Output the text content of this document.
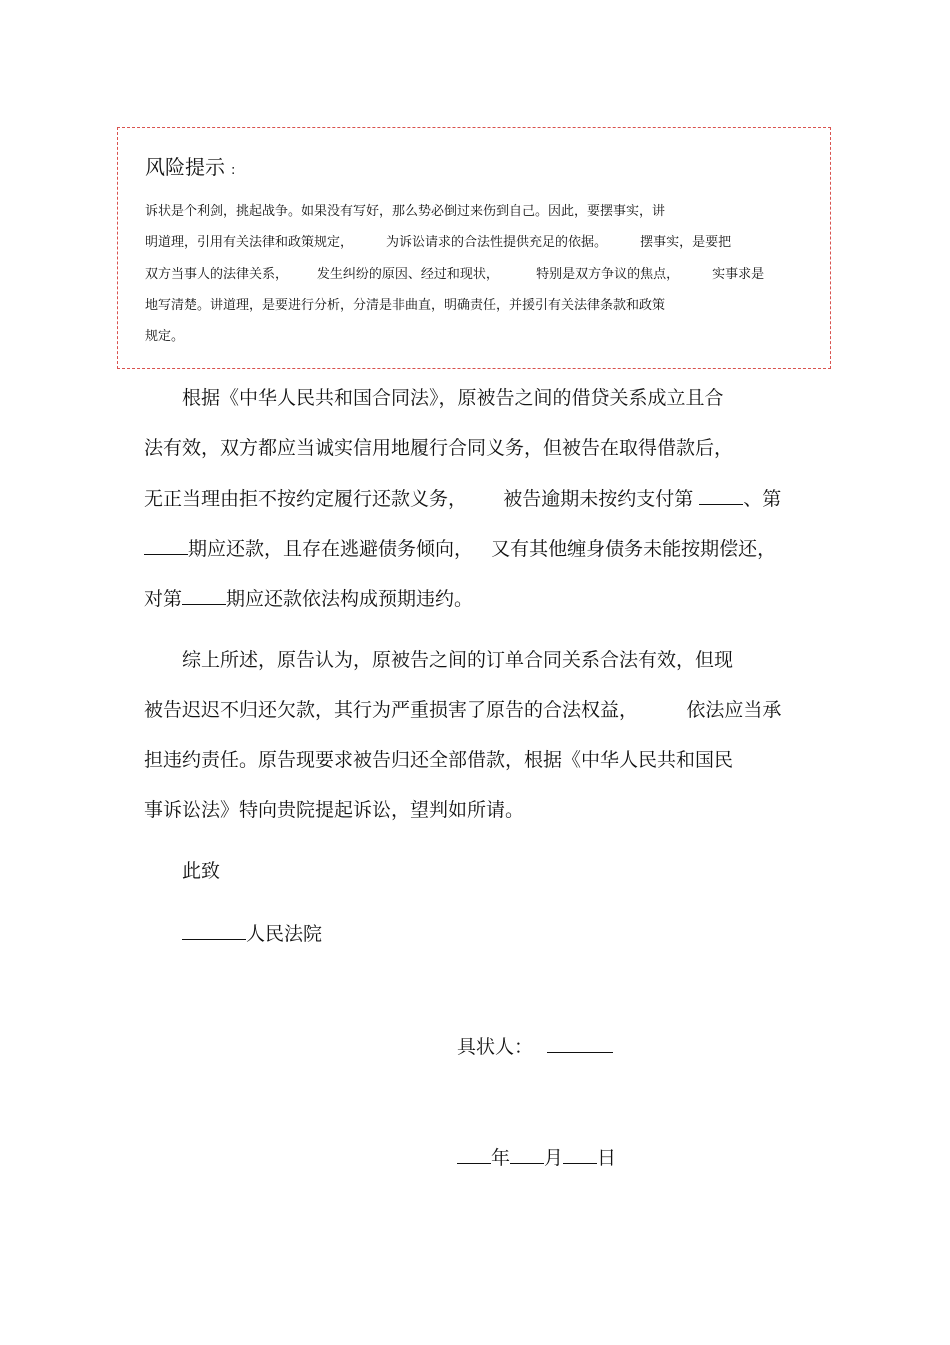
风险提示 :
诉状是个利剑，挑起战争。如果没有写好，那么势必倒过来伤到自己。因此，要摆事实，讲
明道理，引用有关法律和政策规定，        为诉讼请求的合法性提供充足的依据。        摆事实，是要把
双方当事人的法律关系，       发生纠纷的原因、经过和现状，         特别是双方争议的焦点，        实事求是
地写清楚。讲道理，是要进行分析，分清是非曲直，明确责任，并援引有关法律条款和政策
规定。
根据《中华人民共和国合同法》，原被告之间的借贷关系成立且合
法有效，双方都应当诚实信用地履行合同义务，但被告在取得借款后，
无正当理由拒不按约定履行还款义务，      被告逾期未按约支付第 、第
期应还款，且存在逃避债务倾向，   又有其他缠身债务未能按期偿还，
对第 期应还款依法构成预期违约。
综上所述，原告认为，原被告之间的订单合同关系合法有效，但现
被告迟迟不归还欠款，其行为严重损害了原告的合法权益，        依法应当承
担违约责任。原告现要求被告归还全部借款，根据《中华人民共和国民
事诉讼法》特向贵院提起诉讼，望判如所请。
此致
人民法院
具状人：
年 月 日
